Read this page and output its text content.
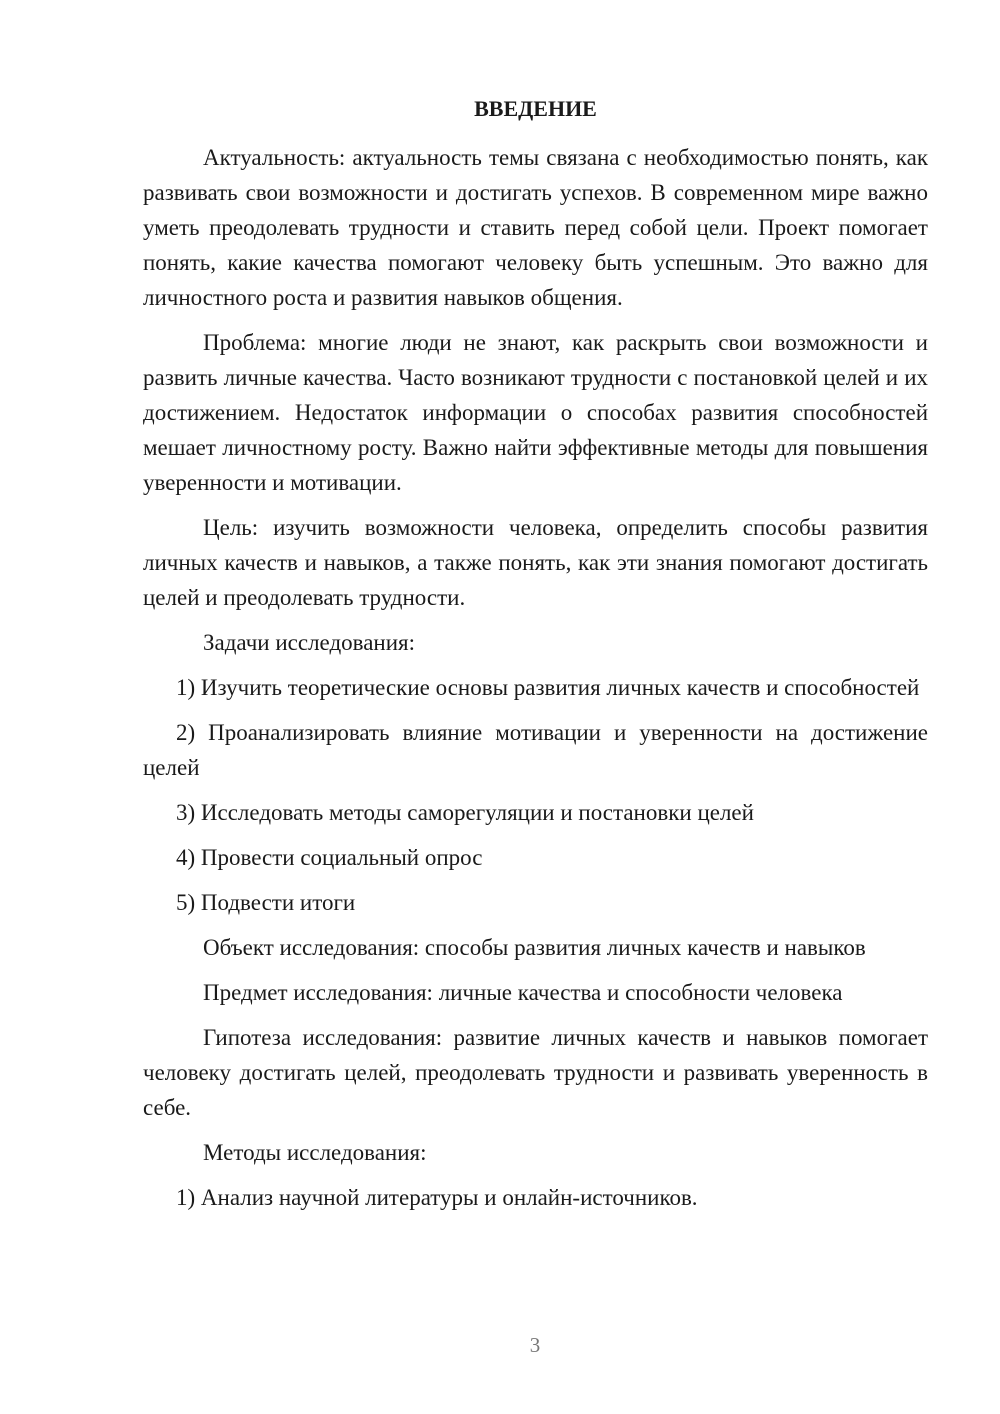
ВВЕДЕНИЕ

Актуальность: актуальность темы связана с необходимостью понять, как развивать свои возможности и достигать успехов. В современном мире важно уметь преодолевать трудности и ставить перед собой цели. Проект помогает понять, какие качества помогают человеку быть успешным. Это важно для личностного роста и развития навыков общения.

Проблема: многие люди не знают, как раскрыть свои возможности и развить личные качества. Часто возникают трудности с постановкой целей и их достижением. Недостаток информации о способах развития способностей мешает личностному росту. Важно найти эффективные методы для повышения уверенности и мотивации.

Цель: изучить возможности человека, определить способы развития личных качеств и навыков, а также понять, как эти знания помогают достигать целей и преодолевать трудности.

Задачи исследования:

1) Изучить теоретические основы развития личных качеств и способностей

2) Проанализировать влияние мотивации и уверенности на достижение целей

3) Исследовать методы саморегуляции и постановки целей

4) Провести социальный опрос

5) Подвести итоги

Объект исследования: способы развития личных качеств и навыков

Предмет исследования: личные качества и способности человека

Гипотеза исследования: развитие личных качеств и навыков помогает человеку достигать целей, преодолевать трудности и развивать уверенность в себе.

Методы исследования:

1) Анализ научной литературы и онлайн-источников.

3
